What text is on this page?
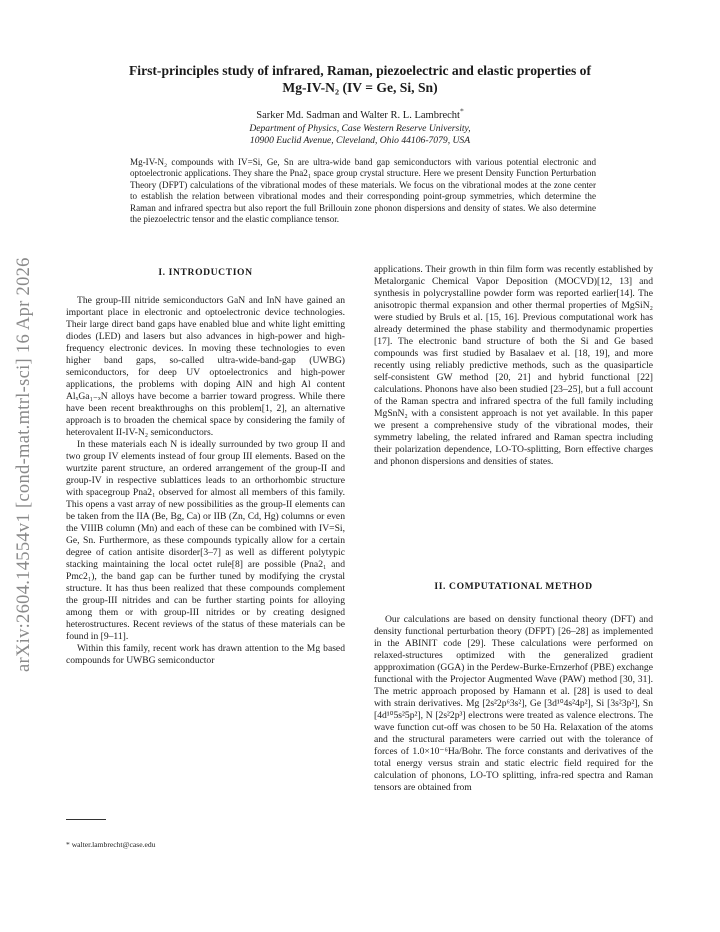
arXiv:2604.14554v1 [cond-mat.mtrl-sci] 16 Apr 2026
First-principles study of infrared, Raman, piezoelectric and elastic properties of
Mg-IV-N₂ (IV = Ge, Si, Sn)
Sarker Md. Sadman and Walter R. L. Lambrecht*
Department of Physics, Case Western Reserve University,
10900 Euclid Avenue, Cleveland, Ohio 44106-7079, USA
Mg-IV-N₂ compounds with IV=Si, Ge, Sn are ultra-wide band gap semiconductors with various potential electronic and optoelectronic applications. They share the Pna2₁ space group crystal structure. Here we present Density Function Perturbation Theory (DFPT) calculations of the vibrational modes of these materials. We focus on the vibrational modes at the zone center to establish the relation between vibrational modes and their corresponding point-group symmetries, which determine the Raman and infrared spectra but also report the full Brillouin zone phonon dispersions and density of states. We also determine the piezoelectric tensor and the elastic compliance tensor.
I. INTRODUCTION

The group-III nitride semiconductors GaN and InN have gained an important place in electronic and optoelectronic device technologies. Their large direct band gaps have enabled blue and white light emitting diodes (LED) and lasers but also advances in high-power and high-frequency electronic devices. In moving these technologies to even higher band gaps, so-called ultra-wide-band-gap (UWBG) semiconductors, for deep UV optoelectronics and high-power applications, the problems with doping AlN and high Al content AlₓGa₁₋ₓN alloys have become a barrier toward progress. While there have been recent breakthroughs on this problem[1, 2], an alternative approach is to broaden the chemical space by considering the family of heterovalent II-IV-N₂ semiconductors.

In these materials each N is ideally surrounded by two group II and two group IV elements instead of four group III elements. Based on the wurtzite parent structure, an ordered arrangement of the group-II and group-IV in respective sublattices leads to an orthorhombic structure with spacegroup Pna2₁ observed for almost all members of this family. This opens a vast array of new possibilities as the group-II elements can be taken from the IIA (Be, Bg, Ca) or IIB (Zn, Cd, Hg) columns or even the VIIIB column (Mn) and each of these can be combined with IV=Si, Ge, Sn. Furthermore, as these compounds typically allow for a certain degree of cation antisite disorder[3–7] as well as different polytypic stacking maintaining the local octet rule[8] are possible (Pna2₁ and Pmc2₁), the band gap can be further tuned by modifying the crystal structure. It has thus been realized that these compounds complement the group-III nitrides and can be further starting points for alloying among them or with group-III nitrides or by creating designed heterostructures. Recent reviews of the status of these materials can be found in [9–11].

Within this family, recent work has drawn attention to the Mg based compounds for UWBG semiconductor

* walter.lambrecht@case.edu

applications. Their growth in thin film form was recently established by Metalorganic Chemical Vapor Deposition (MOCVD)[12, 13] and synthesis in polycrystalline powder form was reported earlier[14]. The anisotropic thermal expansion and other thermal properties of MgSiN₂ were studied by Bruls et al. [15, 16]. Previous computational work has already determined the phase stability and thermodynamic properties [17]. The electronic band structure of both the Si and Ge based compounds was first studied by Basalaev et al. [18, 19], and more recently using reliably predictive methods, such as the quasiparticle self-consistent GW method [20, 21] and hybrid functional [22] calculations. Phonons have also been studied [23–25], but a full account of the Raman spectra and infrared spectra of the full family including MgSnN₂ with a consistent approach is not yet available. In this paper we present a comprehensive study of the vibrational modes, their symmetry labeling, the related infrared and Raman spectra including their polarization dependence, LO-TO-splitting, Born effective charges and phonon dispersions and densities of states.

II. COMPUTATIONAL METHOD

Our calculations are based on density functional theory (DFT) and density functional perturbation theory (DFPT) [26–28] as implemented in the ABINIT code [29]. These calculations were performed on relaxed-structures optimized with the generalized gradient appproximation (GGA) in the Perdew-Burke-Ernzerhof (PBE) exchange functional with the Projector Augmented Wave (PAW) method [30, 31]. The metric approach proposed by Hamann et al. [28] is used to deal with strain derivatives. Mg [2s²2p⁶3s²], Ge [3d¹⁰4s²4p²], Si [3s²3p²], Sn [4d¹⁰5s²5p²], N [2s²2p³] electrons were treated as valence electrons. The wave function cut-off was chosen to be 50 Ha. Relaxation of the atoms and the structural parameters were carried out with the tolerance of forces of 1.0×10⁻⁶Ha/Bohr. The force constants and derivatives of the total energy versus strain and static electric field required for the calculation of phonons, LO-TO splitting, infra-red spectra and Raman tensors are obtained from
